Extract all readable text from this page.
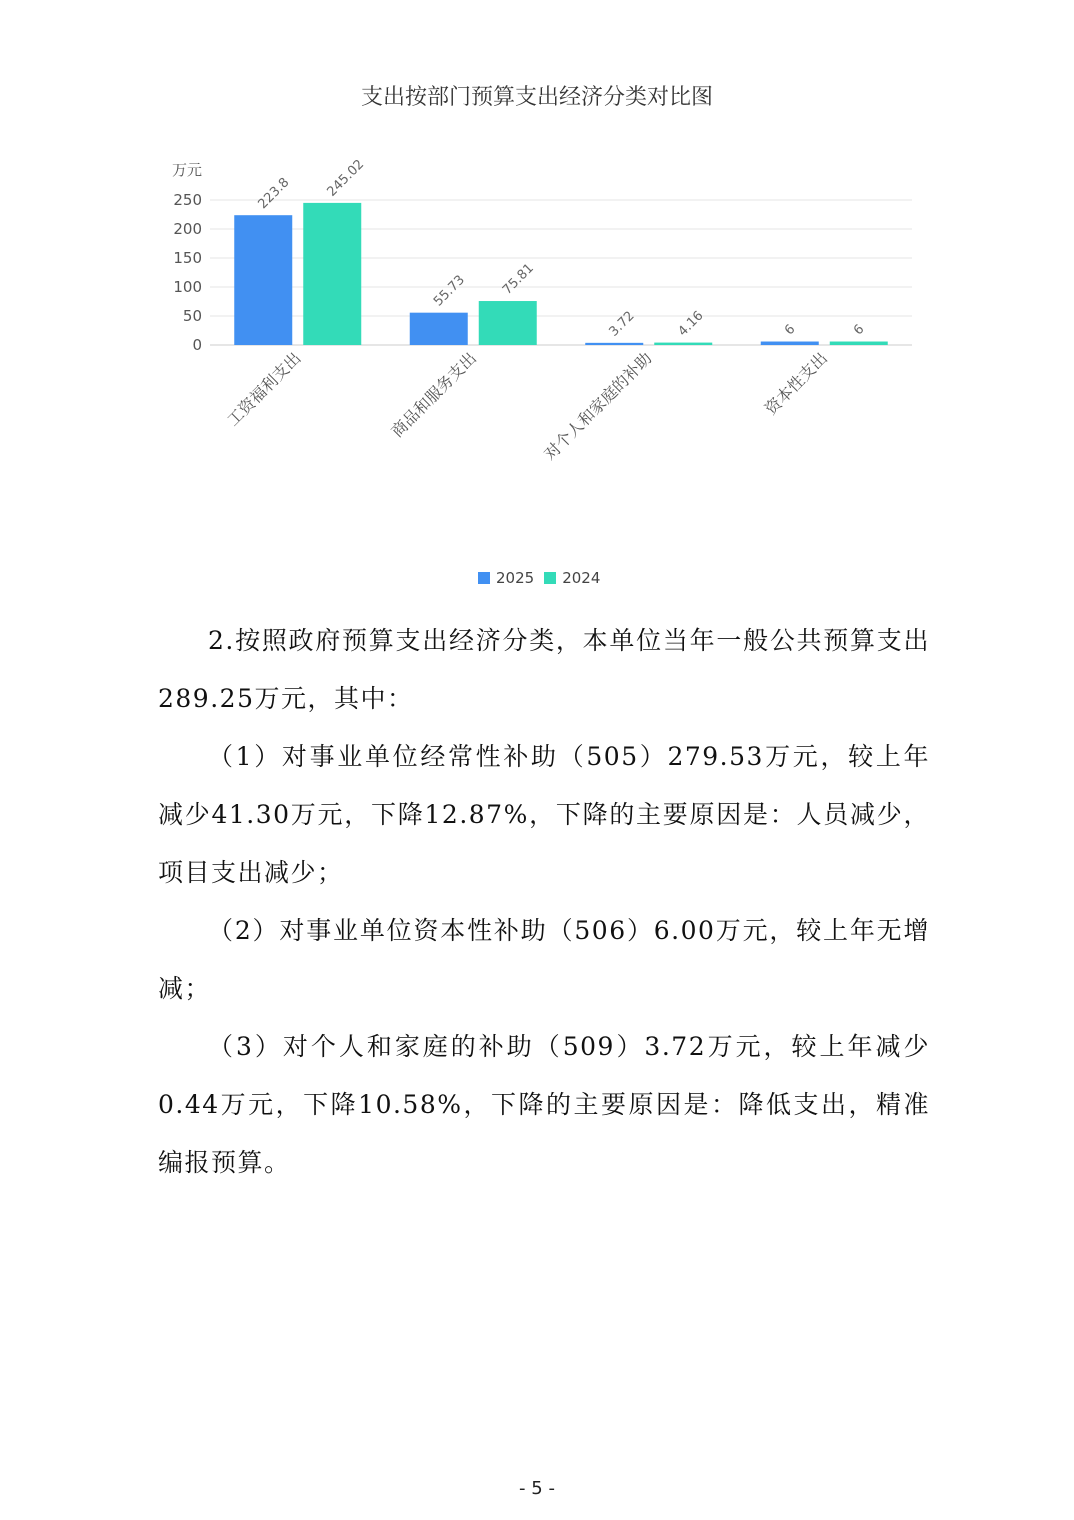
支出按部门预算支出经济分类对比图
0
50
100
150
200
250
万元
223.8 245.02
工资福利支出
55.73 75.81
商品和服务支出
3.72	4.16
对个人和家庭的补助
6	6
资本性支出
2025 2024

2.按照政府预算支出经济分类，本单位当年一般公共预算支出289.25万元，其中：

（1）对事业单位经常性补助（505）279.53万元，较上年减少41.30万元，下降12.87%，下降的主要原因是：人员减少，项目支出减少；

（2）对事业单位资本性补助（506）6.00万元，较上年无增减；

（3）对个人和家庭的补助（509）3.72万元，较上年减少0.44万元，下降10.58%，下降的主要原因是：降低支出，精准编报预算。

- 5 -
